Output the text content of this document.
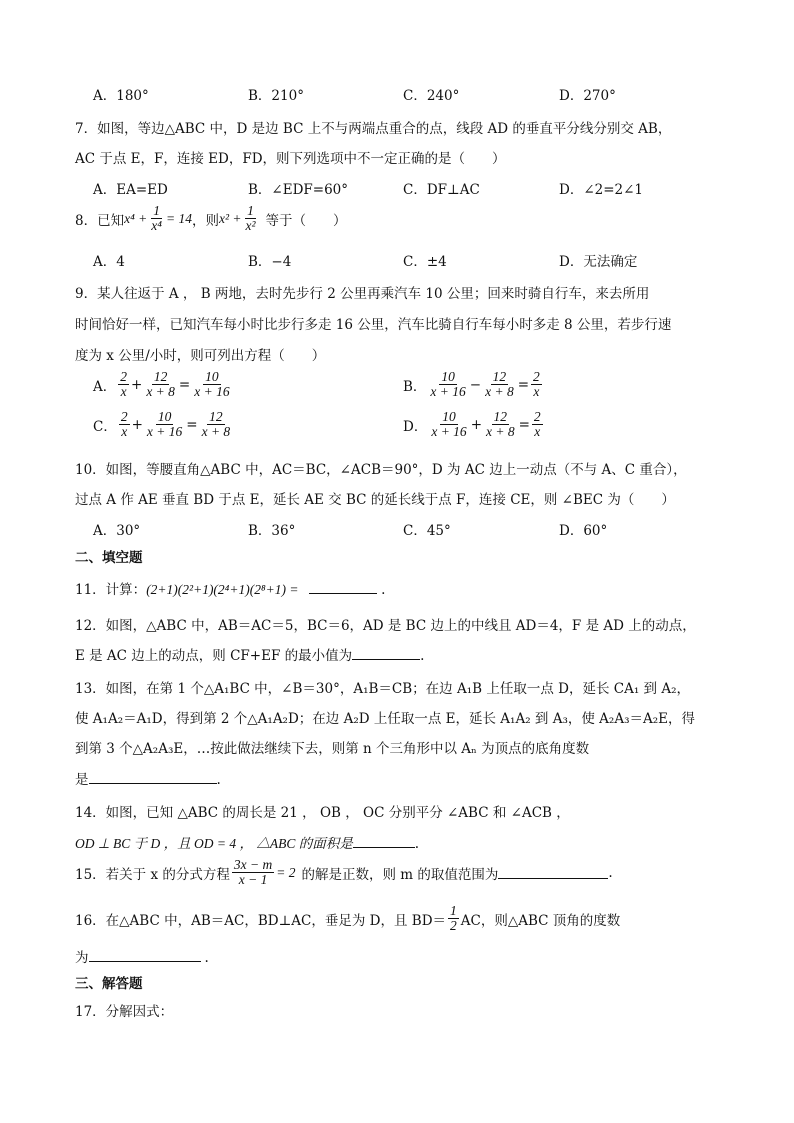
A．180°	B．210°	C．240°	D．270°
7．如图，等边△ABC 中，D 是边 BC 上不与两端点重合的点，线段 AD 的垂直平分线分别交 AB，
AC 于点 E，F，连接 ED，FD，则下列选项中不一定正确的是（　　）
A．EA=ED	B．∠EDF=60°	C．DF⊥AC	D．∠2=2∠1
8．已知 $x^4 + \frac{1}{\text{x⁴}} = 14$ ，则 $x^2 + \frac{1}{\text{x²}}$ 等于（　　）
A．4	B．−4	C．±4	D．无法确定
9．某人往返于 A ， B 两地，去时先步行 2 公里再乘汽车 10 公里；回来时骑自行车，来去所用
时间恰好一样，已知汽车每小时比步行多走 16 公里，汽车比骑自行车每小时多走 8 公里，若步行速
度为 x 公里/小时，则可列出方程（　　）
A． $\frac{2}{x} + \frac{12}{x + 8} = \frac{10}{x + 16}$	B． $\frac{10}{x + 16} - \frac{12}{x + 8} = \frac{2}{x}$
C． $\frac{2}{x} + \frac{10}{x + 16} = \frac{12}{x + 8}$	D． $\frac{10}{x + 16} + \frac{12}{x + 8} = \frac{2}{x}$
10．如图，等腰直角△ABC 中，AC＝BC，∠ACB＝90°，D 为 AC 边上一动点（不与 A、C 重合），
过点 A 作 AE 垂直 BD 于点 E，延长 AE 交 BC 的延长线于点 F，连接 CE，则 ∠BEC 为（　　）
A．30°	B．36°	C．45°	D．60°
二、填空题
11．计算：(2+1)(2²+1)(2⁴+1)(2⁸+1) =	.
12．如图，△ABC 中，AB＝AC＝5，BC＝6，AD 是 BC 边上的中线且 AD＝4，F 是 AD 上的动点，
E 是 AC 边上的动点，则 CF+EF 的最小值为	.
13．如图，在第 1 个△A₁BC 中，∠B＝30°，A₁B＝CB；在边 A₁B 上任取一点 D，延长 CA₁ 到 A₂，
使 A₁A₂＝A₁D，得到第 2 个△A₁A₂D；在边 A₂D 上任取一点 E，延长 A₁A₂ 到 A₃，使 A₂A₃＝A₂E，得
到第 3 个△A₂A₃E，…按此做法继续下去，则第 n 个三角形中以 Aₙ 为顶点的底角度数
是	.
14．如图，已知 △ABC 的周长是 21 ， OB ， OC 分别平分 ∠ABC 和 ∠ACB ，
OD ⊥ BC 于 D ，且 OD = 4 ， △ABC 的面积是	.
15．若关于 x 的分式方程 $\frac{3x - m}{x - 1} = 2$ 的解是正数，则 m 的取值范围为	.
16．在△ABC 中，AB＝AC，BD⊥AC，垂足为 D，且 $BD= \frac{1}{2}$ AC，则△ABC 顶角的度数
为	.
三、解答题
17．分解因式：
